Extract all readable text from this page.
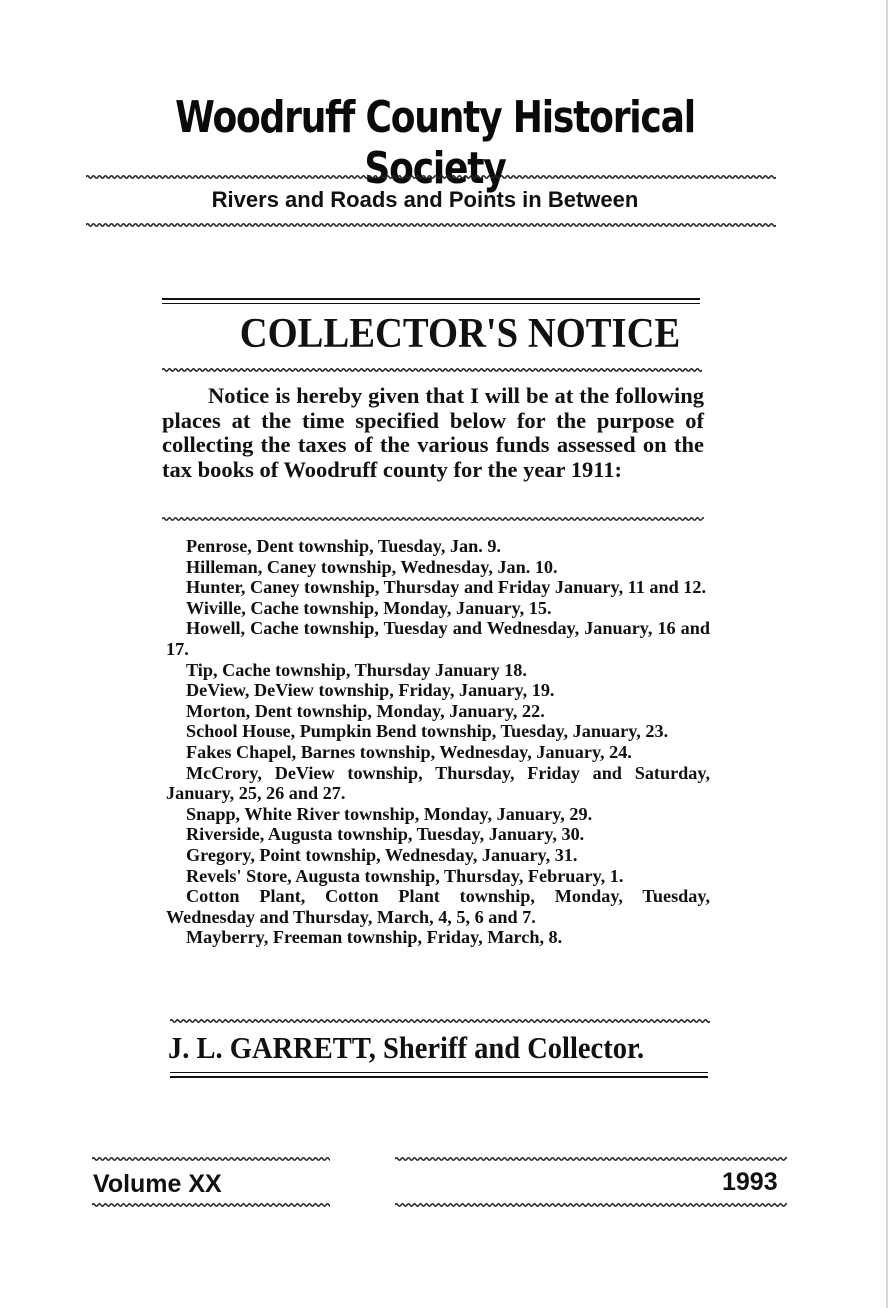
Woodruff County Historical Society
Rivers and Roads and Points in Between
COLLECTOR'S NOTICE

Notice is hereby given that I will be at the following places at the time specified below for the purpose of collecting the taxes of the various funds assessed on the tax books of Woodruff county for the year 1911:

Penrose, Dent township, Tuesday, Jan. 9.

Hilleman, Caney township, Wednesday, Jan. 10.

Hunter, Caney township, Thursday and Friday January, 11 and 12.

Wiville, Cache township, Monday, January, 15.

Howell, Cache township, Tuesday and Wednesday, January, 16 and 17.

Tip, Cache township, Thursday January 18.

DeView, DeView township, Friday, January, 19.

Morton, Dent township, Monday, January, 22.

School House, Pumpkin Bend township, Tuesday, January, 23.

Fakes Chapel, Barnes township, Wednesday, January, 24.

McCrory, DeView township, Thursday, Friday and Saturday, January, 25, 26 and 27.

Snapp, White River township, Monday, January, 29.

Riverside, Augusta township, Tuesday, January, 30.

Gregory, Point township, Wednesday, January, 31.

Revels' Store, Augusta township, Thursday, February, 1.

Cotton Plant, Cotton Plant township, Monday, Tuesday, Wednesday and Thursday, March, 4, 5, 6 and 7.

Mayberry, Freeman township, Friday, March, 8.

J. L. GARRETT, Sheriff and Collector.
Volume XX	1993
